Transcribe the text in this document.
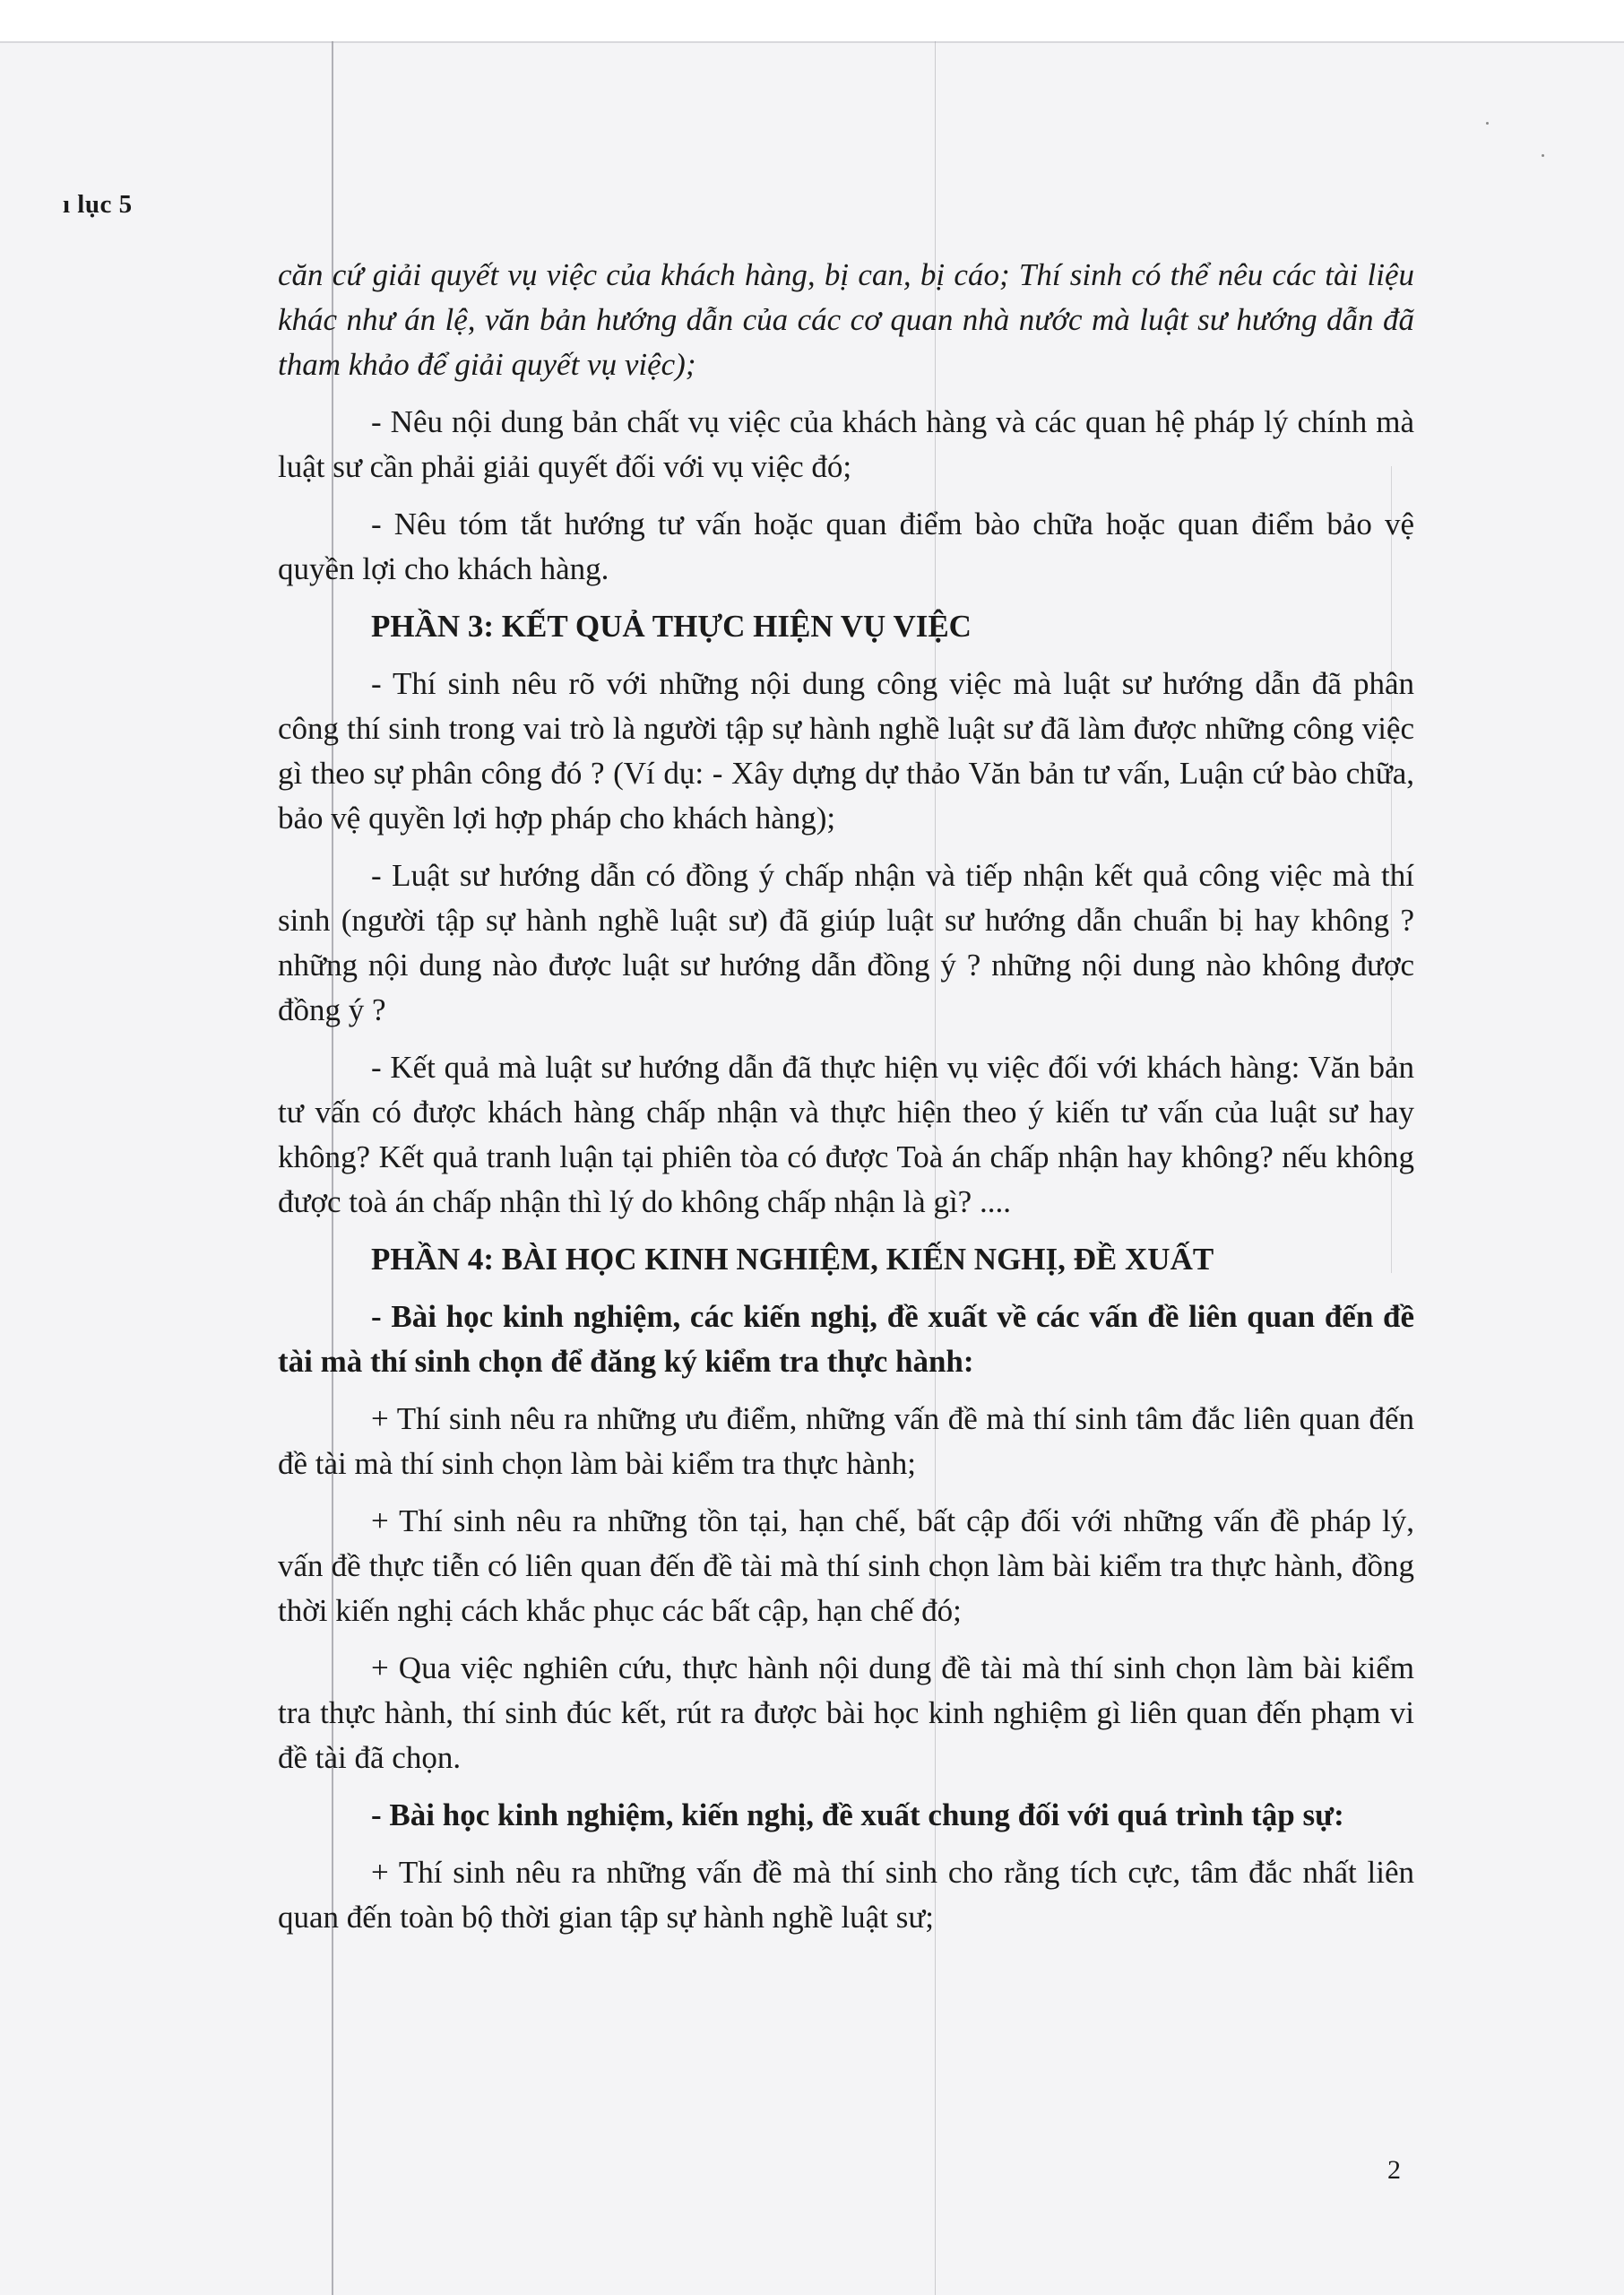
ı lục 5

căn cứ giải quyết vụ việc của khách hàng, bị can, bị cáo; Thí sinh có thể nêu các tài liệu khác như án lệ, văn bản hướng dẫn của các cơ quan nhà nước mà luật sư hướng dẫn đã tham khảo để giải quyết vụ việc);

- Nêu nội dung bản chất vụ việc của khách hàng và các quan hệ pháp lý chính mà luật sư cần phải giải quyết đối với vụ việc đó;

- Nêu tóm tắt hướng tư vấn hoặc quan điểm bào chữa hoặc quan điểm bảo vệ quyền lợi cho khách hàng.

PHẦN 3: KẾT QUẢ THỰC HIỆN VỤ VIỆC

- Thí sinh nêu rõ với những nội dung công việc mà luật sư hướng dẫn đã phân công thí sinh trong vai trò là người tập sự hành nghề luật sư đã làm được những công việc gì theo sự phân công đó ? (Ví dụ: - Xây dựng dự thảo Văn bản tư vấn, Luận cứ bào chữa, bảo vệ quyền lợi hợp pháp cho khách hàng);

- Luật sư hướng dẫn có đồng ý chấp nhận và tiếp nhận kết quả công việc mà thí sinh (người tập sự hành nghề luật sư) đã giúp luật sư hướng dẫn chuẩn bị hay không ? những nội dung nào được luật sư hướng dẫn đồng ý ? những nội dung nào không được đồng ý ?

- Kết quả mà luật sư hướng dẫn đã thực hiện vụ việc đối với khách hàng: Văn bản tư vấn có được khách hàng chấp nhận và thực hiện theo ý kiến tư vấn của luật sư hay không? Kết quả tranh luận tại phiên tòa có được Toà án chấp nhận hay không? nếu không được toà án chấp nhận thì lý do không chấp nhận là gì? ....

PHẦN 4: BÀI HỌC KINH NGHIỆM, KIẾN NGHỊ, ĐỀ XUẤT

- Bài học kinh nghiệm, các kiến nghị, đề xuất về các vấn đề liên quan đến đề tài mà thí sinh chọn để đăng ký kiểm tra thực hành:

+ Thí sinh nêu ra những ưu điểm, những vấn đề mà thí sinh tâm đắc liên quan đến đề tài mà thí sinh chọn làm bài kiểm tra thực hành;

+ Thí sinh nêu ra những tồn tại, hạn chế, bất cập đối với những vấn đề pháp lý, vấn đề thực tiễn có liên quan đến đề tài mà thí sinh chọn làm bài kiểm tra thực hành, đồng thời kiến nghị cách khắc phục các bất cập, hạn chế đó;

+ Qua việc nghiên cứu, thực hành nội dung đề tài mà thí sinh chọn làm bài kiểm tra thực hành, thí sinh đúc kết, rút ra được bài học kinh nghiệm gì liên quan đến phạm vi đề tài đã chọn.

- Bài học kinh nghiệm, kiến nghị, đề xuất chung đối với quá trình tập sự:

+ Thí sinh nêu ra những vấn đề mà thí sinh cho rằng tích cực, tâm đắc nhất liên quan đến toàn bộ thời gian tập sự hành nghề luật sư;

2
